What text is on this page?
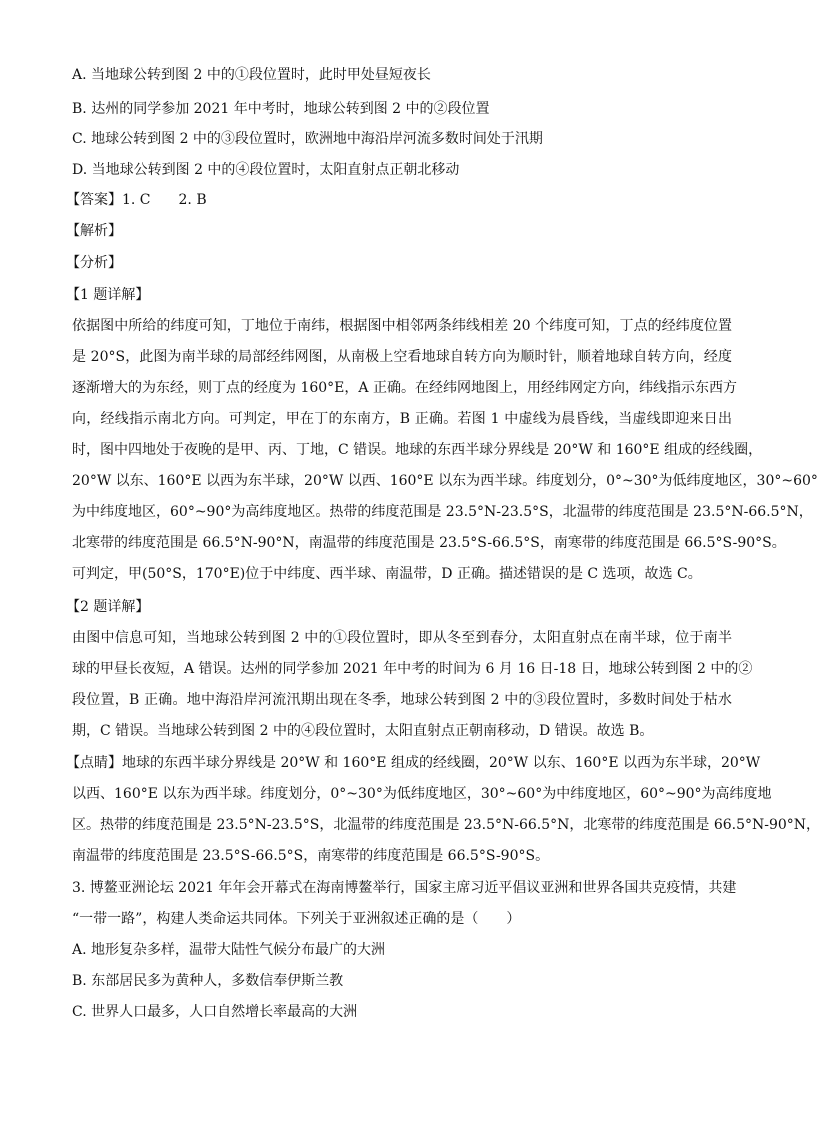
A. 当地球公转到图 2 中的①段位置时，此时甲处昼短夜长
B. 达州的同学参加 2021 年中考时，地球公转到图 2 中的②段位置
C. 地球公转到图 2 中的③段位置时，欧洲地中海沿岸河流多数时间处于汛期
D. 当地球公转到图 2 中的④段位置时，太阳直射点正朝北移动
【答案】1. C　　2. B
【解析】
【分析】
【1 题详解】
依据图中所给的纬度可知，丁地位于南纬，根据图中相邻两条纬线相差 20 个纬度可知，丁点的经纬度位置
是 20°S，此图为南半球的局部经纬网图，从南极上空看地球自转方向为顺时针，顺着地球自转方向，经度
逐渐增大的为东经，则丁点的经度为 160°E，A 正确。在经纬网地图上，用经纬网定方向，纬线指示东西方
向，经线指示南北方向。可判定，甲在丁的东南方，B 正确。若图 1 中虚线为晨昏线，当虚线即迎来日出
时，图中四地处于夜晚的是甲、丙、丁地，C 错误。地球的东西半球分界线是 20°W 和 160°E 组成的经线圈，
20°W 以东、160°E 以西为东半球，20°W 以西、160°E 以东为西半球。纬度划分，0°~30°为低纬度地区，30°~60°
为中纬度地区，60°~90°为高纬度地区。热带的纬度范围是 23.5°N-23.5°S，北温带的纬度范围是 23.5°N-66.5°N，
北寒带的纬度范围是 66.5°N-90°N，南温带的纬度范围是 23.5°S-66.5°S，南寒带的纬度范围是 66.5°S-90°S。
可判定，甲(50°S，170°E)位于中纬度、西半球、南温带，D 正确。描述错误的是 C 选项，故选 C。
【2 题详解】
由图中信息可知，当地球公转到图 2 中的①段位置时，即从冬至到春分，太阳直射点在南半球，位于南半
球的甲昼长夜短，A 错误。达州的同学参加 2021 年中考的时间为 6 月 16 日-18 日，地球公转到图 2 中的②
段位置，B 正确。地中海沿岸河流汛期出现在冬季，地球公转到图 2 中的③段位置时，多数时间处于枯水
期，C 错误。当地球公转到图 2 中的④段位置时，太阳直射点正朝南移动，D 错误。故选 B。
【点睛】地球的东西半球分界线是 20°W 和 160°E 组成的经线圈，20°W 以东、160°E 以西为东半球，20°W
以西、160°E 以东为西半球。纬度划分，0°~30°为低纬度地区，30°~60°为中纬度地区，60°~90°为高纬度地
区。热带的纬度范围是 23.5°N-23.5°S，北温带的纬度范围是 23.5°N-66.5°N，北寒带的纬度范围是 66.5°N-90°N，
南温带的纬度范围是 23.5°S-66.5°S，南寒带的纬度范围是 66.5°S-90°S。
3. 博鳌亚洲论坛 2021 年年会开幕式在海南博鳌举行，国家主席习近平倡议亚洲和世界各国共克疫情，共建
“一带一路”，构建人类命运共同体。下列关于亚洲叙述正确的是（　　）
A. 地形复杂多样，温带大陆性气候分布最广的大洲
B. 东部居民多为黄种人，多数信奉伊斯兰教
C. 世界人口最多，人口自然增长率最高的大洲
